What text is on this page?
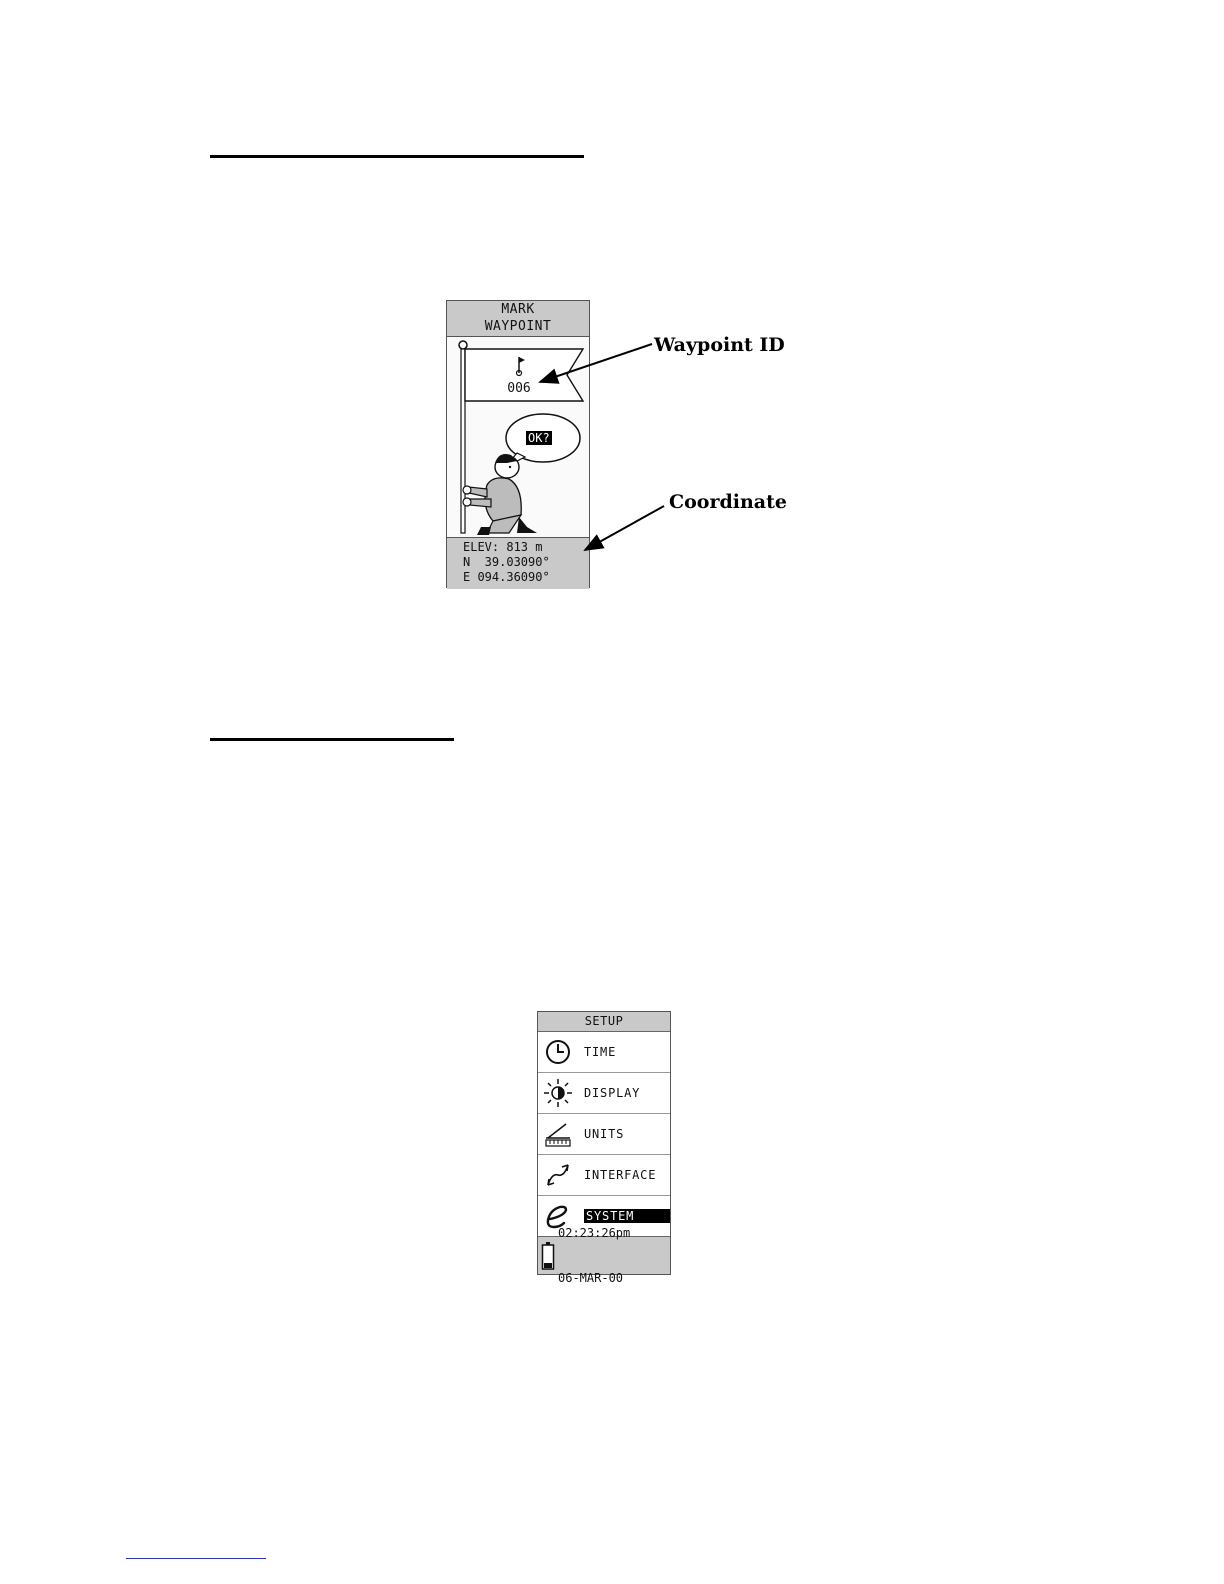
MARK
WAYPOINT
006
OK?
ELEV: 813 m
N  39.03090°
E 094.36090°
Waypoint ID
Coordinate
SETUP
TIME
DISPLAY
UNITS
INTERFACE
SYSTEM

02:23:26pm

06-MAR-00
